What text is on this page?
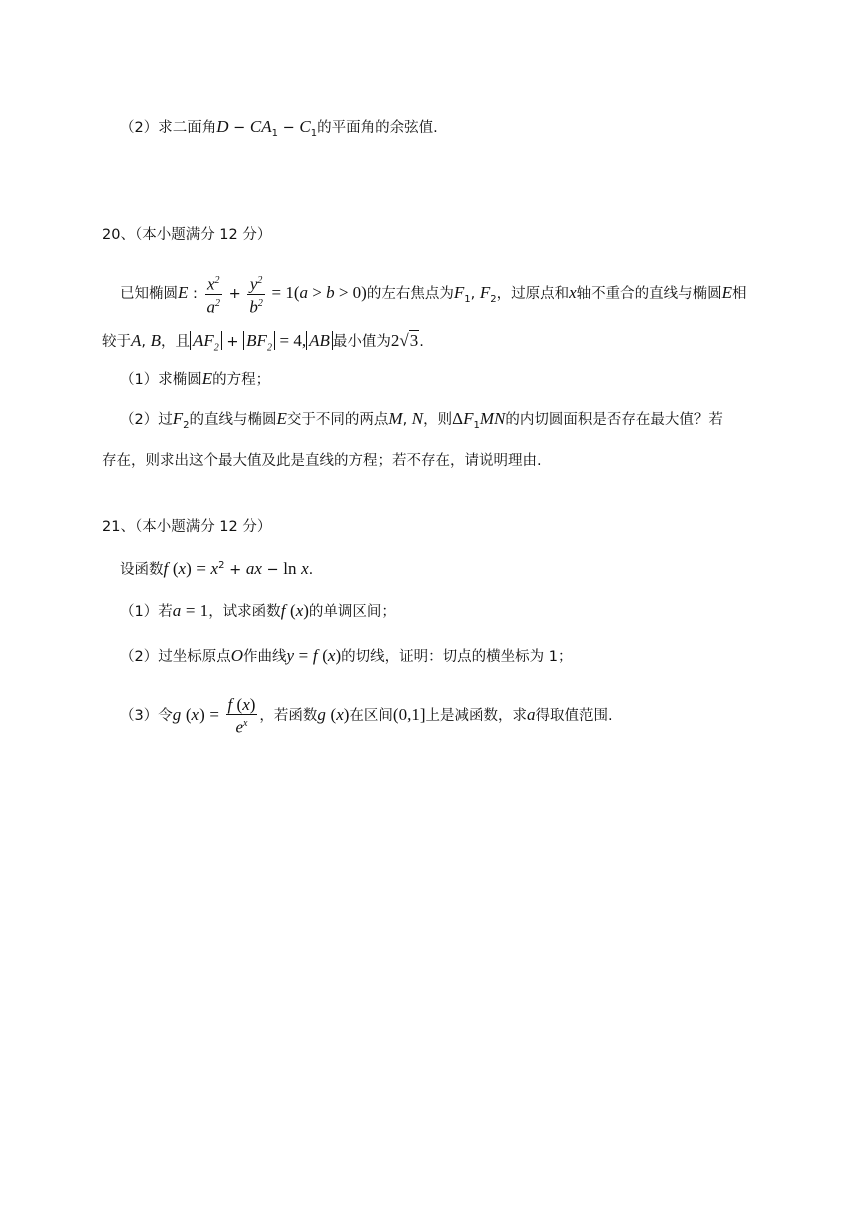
（2）求二面角$D - CA_1 - C_1$的平面角的余弦值.
20、（本小题满分 12 分）
已知椭圆E : $\frac{x^2}{a^2} + \frac{y^2}{b^2} = 1(a > b > 0)$的左右焦点为$F_1$, $F_2$，过原点和x轴不重合的直线与椭圆E相
较于A, B，且 $AF_2 + BF_2 = 4$, AB 最小值为2√3.
（1）求椭圆E的方程；
（2）过$F_2$的直线与椭圆E交于不同的两点M, N，则$\Delta F_1MN$的内切圆面积是否存在最大值？若
存在，则求出这个最大值及此是直线的方程；若不存在，请说明理由.
21、（本小题满分 12 分）
设函数f $(x) = x^2$ + ax − ln x.
（1）若a = 1，试求函数f (x)的单调区间；
（2）过坐标原点O作曲线y = f (x)的切线，证明：切点的横坐标为 1；
（3）令g $(x) = \frac{f (x)}{e^x}$ ，若函数g (x)在区间(0,1]上是减函数，求a得取值范围.
